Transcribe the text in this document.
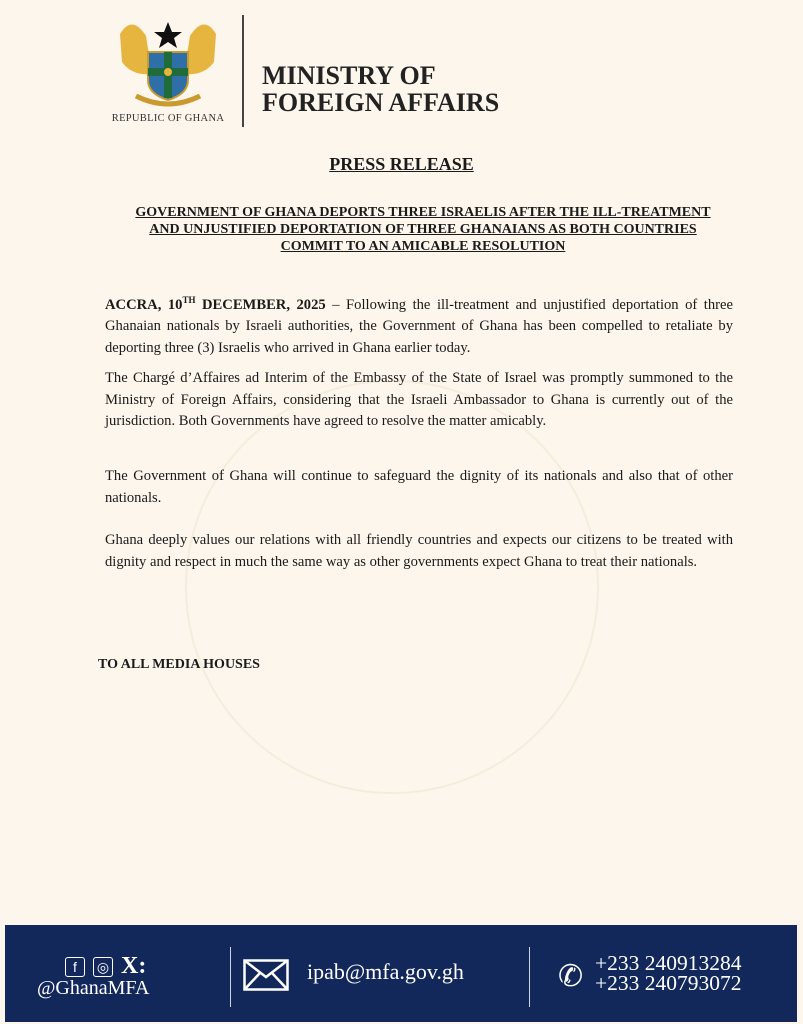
REPUBLIC OF GHANA
MINISTRY OF
FOREIGN AFFAIRS
PRESS RELEASE
GOVERNMENT OF GHANA DEPORTS THREE ISRAELIS AFTER THE ILL-TREATMENT AND UNJUSTIFIED DEPORTATION OF THREE GHANAIANS AS BOTH COUNTRIES COMMIT TO AN AMICABLE RESOLUTION

ACCRA, 10TH DECEMBER, 2025 – Following the ill-treatment and unjustified deportation of three Ghanaian nationals by Israeli authorities, the Government of Ghana has been compelled to retaliate by deporting three (3) Israelis who arrived in Ghana earlier today.

The Chargé d’Affaires ad Interim of the Embassy of the State of Israel was promptly summoned to the Ministry of Foreign Affairs, considering that the Israeli Ambassador to Ghana is currently out of the jurisdiction. Both Governments have agreed to resolve the matter amicably.

The Government of Ghana will continue to safeguard the dignity of its nationals and also that of other nationals.

Ghana deeply values our relations with all friendly countries and expects our citizens to be treated with dignity and respect in much the same way as other governments expect Ghana to treat their nationals.

TO ALL MEDIA HOUSES
f	◎ X:
@GhanaMFA
ipab@mfa.gov.gh	✆ +233 240913284
+233 240793072
